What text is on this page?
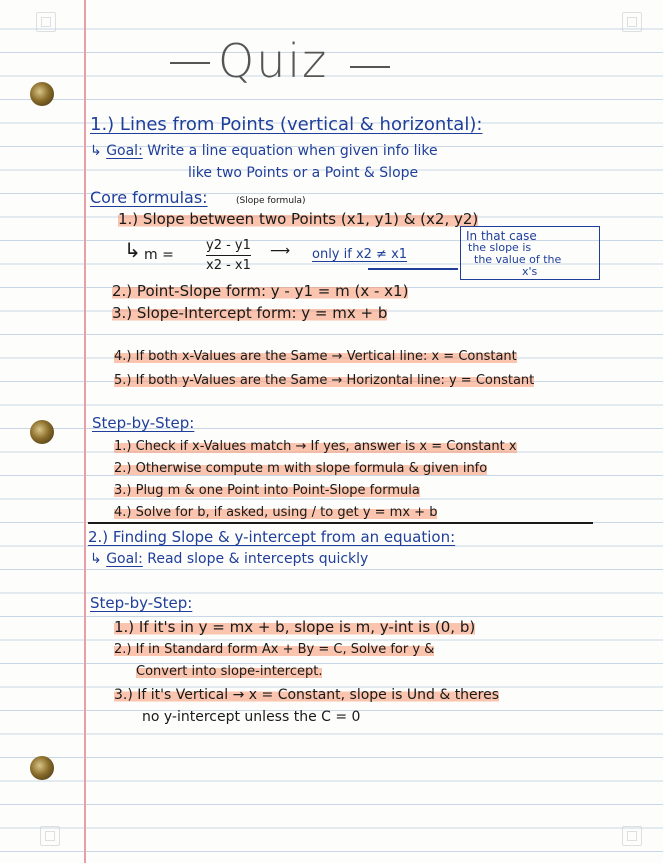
Quiz
1.) Lines from Points (vertical & horizontal):
↳ Goal: Write a line equation when given info like
like two Points or a Point & Slope
Core formulas:	(Slope formula)
1.) Slope between two Points (x1, y1) & (x2, y2)
↳ m =
y2 - y1
x2 - x1
⟶ only if x2 ≠ x1
In that case
the slope is
the value of the
x's
2.) Point-Slope form: y - y1 = m (x - x1)
3.) Slope-Intercept form: y = mx + b
4.) If both x-Values are the Same → Vertical line: x = Constant
5.) If both y-Values are the Same → Horizontal line: y = Constant
Step-by-Step:
1.) Check if x-Values match → If yes, answer is x = Constant x
2.) Otherwise compute m with slope formula & given info
3.) Plug m & one Point into Point-Slope formula
4.) Solve for b, if asked, using / to get y = mx + b
2.) Finding Slope & y-intercept from an equation:
↳ Goal: Read slope & intercepts quickly
Step-by-Step:
1.) If it's in y = mx + b, slope is m, y-int is (0, b)
2.) If in Standard form Ax + By = C, Solve for y &
Convert into slope-intercept.
3.) If it's Vertical → x = Constant, slope is Und & theres
no y-intercept unless the C = 0
